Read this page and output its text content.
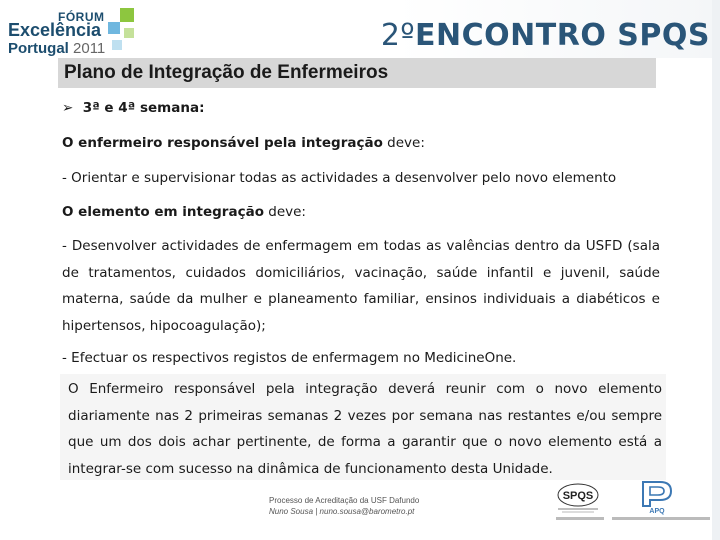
FÓRUM
Excelência
Portugal 2011	2ºENCONTRO SPQS
Plano de Integração de Enfermeiros
➢ 3ª e 4ª semana:
O enfermeiro responsável pela integração deve:
- Orientar e supervisionar todas as actividades a desenvolver pelo novo elemento
O elemento em integração deve:
- Desenvolver actividades de enfermagem em todas as valências dentro da USFD (sala de tratamentos, cuidados domiciliários, vacinação, saúde infantil e juvenil, saúde materna, saúde da mulher e planeamento familiar, ensinos individuais a diabéticos e hipertensos, hipocoagulação);
- Efectuar os respectivos registos de enfermagem no MedicineOne.
O Enfermeiro responsável pela integração deverá reunir com o novo elemento diariamente nas 2 primeiras semanas 2 vezes por semana nas restantes e/ou sempre que um dos dois achar pertinente, de forma a garantir que o novo elemento está a integrar-se com sucesso na dinâmica de funcionamento desta Unidade.
Processo de Acreditação da USF Dafundo
Nuno Sousa | nuno.sousa@barometro.pt
SPQS
APQ
